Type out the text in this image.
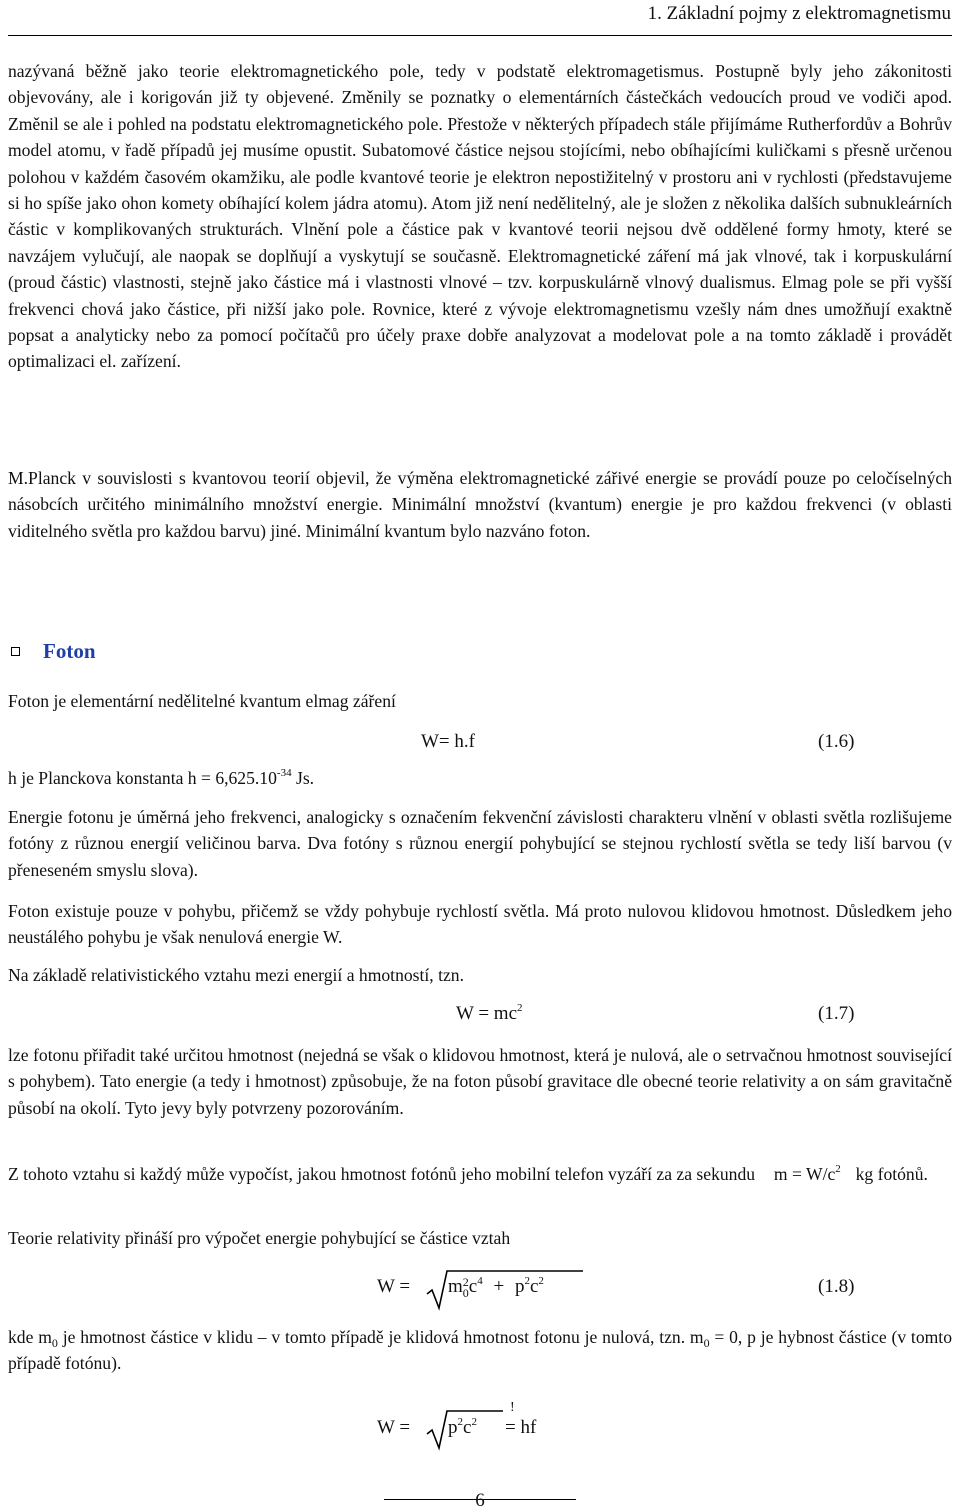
1. Základní pojmy z elektromagnetismu

nazývaná běžně jako teorie elektromagnetického pole, tedy v podstatě elektromagetismus. Postupně byly jeho zákonitosti objevovány, ale i korigován již ty objevené. Změnily se poznatky o elementárních částečkách vedoucích proud ve vodiči apod. Změnil se ale i pohled na podstatu elektromagnetického pole. Přestože v některých případech stále přijímáme Rutherfordův a Bohrův model atomu, v řadě případů jej musíme opustit. Subatomové částice nejsou stojícími, nebo obíhajícími kuličkami s přesně určenou polohou v každém časovém okamžiku, ale podle kvantové teorie je elektron nepostižitelný v prostoru ani v rychlosti (představujeme si ho spíše jako ohon komety obíhající kolem jádra atomu). Atom již není nedělitelný, ale je složen z několika dalších subnukleárních částic v komplikovaných strukturách. Vlnění pole a částice pak v kvantové teorii nejsou dvě oddělené formy hmoty, které se navzájem vylučují, ale naopak se doplňují a vyskytují se současně. Elektromagnetické záření má jak vlnové, tak i korpuskulární (proud částic) vlastnosti, stejně jako částice má i vlastnosti vlnové – tzv. korpuskulárně vlnový dualismus. Elmag pole se při vyšší frekvenci chová jako částice, při nižší jako pole. Rovnice, které z vývoje elektromagnetismu vzešly nám dnes umožňují exaktně popsat a analyticky nebo za pomocí počítačů pro účely praxe dobře analyzovat a modelovat pole a na tomto základě i provádět optimalizaci el. zařízení.

M.Planck v souvislosti s kvantovou teorií objevil, že výměna elektromagnetické zářivé energie se provádí pouze po celočíselných násobcích určitého minimálního množství energie. Minimální množství (kvantum) energie je pro každou frekvenci (v oblasti viditelného světla pro každou barvu) jiné. Minimální kvantum bylo nazváno foton.

Foton

Foton je elementární nedělitelné kvantum elmag záření

W= h.f	(1.6)

h je Planckova konstanta $h = 6,625.10^{-34}$ Js.

Energie fotonu je úměrná jeho frekvenci, analogicky s označením fekvenční závislosti charakteru vlnění v oblasti světla rozlišujeme fotóny z různou energií veličinou barva. Dva fotóny s různou energií pohybující se stejnou rychlostí světla se tedy liší barvou (v přeneseném smyslu slova).

Foton existuje pouze v pohybu, přičemž se vždy pohybuje rychlostí světla. Má proto nulovou klidovou hmotnost. Důsledkem jeho neustálého pohybu je však nenulová energie W.

Na základě relativistického vztahu mezi energií a hmotností, tzn.

$W = mc^2$	(1.7)

lze fotonu přiřadit také určitou hmotnost (nejedná se však o klidovou hmotnost, která je nulová, ale o setrvačnou hmotnost související s pohybem). Tato energie (a tedy i hmotnost) způsobuje, že na foton působí gravitace dle obecné teorie relativity a on sám gravitačně působí na okolí. Tyto jevy byly potvrzeny pozorováním.

Z tohoto vztahu si každý může vypočíst, jakou hmotnost fotónů jeho mobilní telefon vyzáří za za sekundu $m = W/c^2$ kg fotónů.

Teorie relativity přináší pro výpočet energie pohybující se částice vztah

W = m 2
0 $c^4 + p^2c^2$	(1.8)

kde $m_0$ je hmotnost částice v klidu – v tomto případě je klidová hmotnost fotonu je nulová, tzn. $m_0 = 0$, p je hybnost částice (v tomto případě fotónu).

$W = p^2c^2$
!
= hf
6
